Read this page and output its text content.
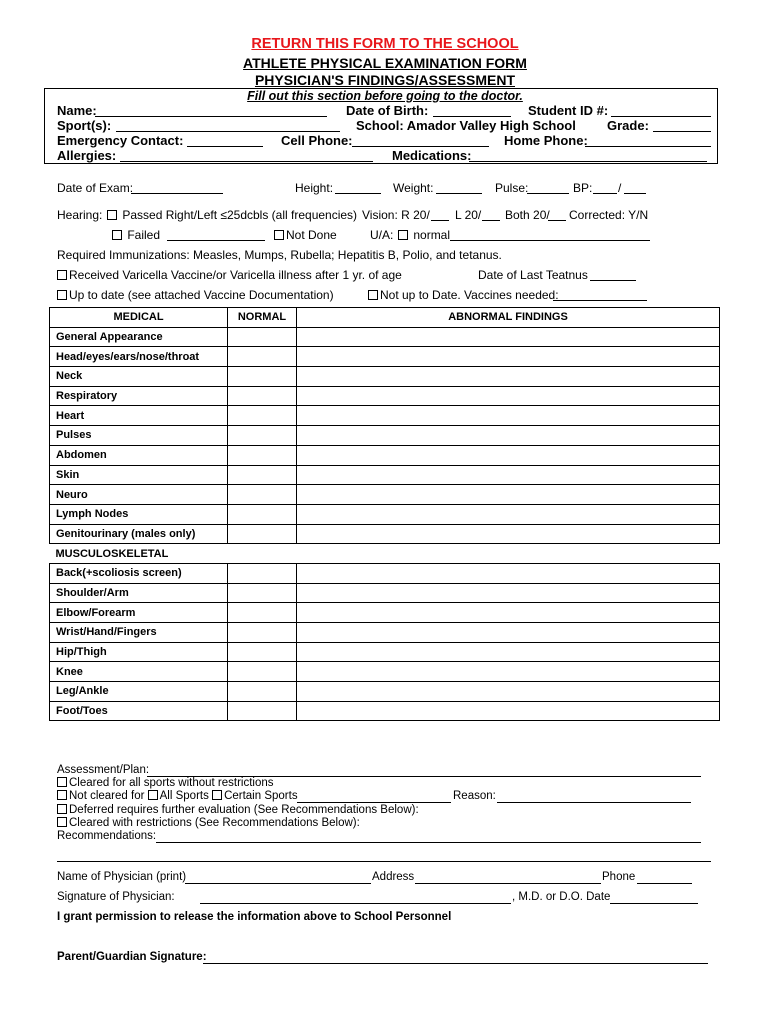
RETURN THIS FORM TO THE SCHOOL
ATHLETE PHYSICAL EXAMINATION FORM
PHYSICIAN'S FINDINGS/ASSESSMENT
Fill out this section before going to the doctor.
Name:	Date of Birth:	Student ID #:
Sport(s):	School: Amador Valley High School Grade:
Emergency Contact:	Cell Phone:	Home Phone:
Allergies:	Medications:
Date of Exam:	Height:	Weight:	Pulse:	BP: /
Hearing:	Passed Right/Left ≤25dcbls (all frequencies) Vision: R 20/ L 20/ Both 20/ Corrected: Y/N
Failed	Not Done	U/A:	normal
Required Immunizations: Measles, Mumps, Rubella; Hepatitis B, Polio, and tetanus.
Received Varicella Vaccine/or Varicella illness after 1 yr. of age	Date of Last Teatnus
Up to date (see attached Vaccine Documentation)	Not up to Date. Vaccines needed:
MEDICAL	NORMAL	ABNORMAL FINDINGS
General Appearance		
Head/eyes/ears/nose/throat		
Neck		
Respiratory		
Heart		
Pulses		
Abdomen		
Skin		
Neuro		
Lymph Nodes		
Genitourinary (males only)		
MUSCULOSKELETAL		
Back(+scoliosis screen)		
Shoulder/Arm		
Elbow/Forearm		
Wrist/Hand/Fingers		
Hip/Thigh		
Knee		
Leg/Ankle		
Foot/Toes		
Assessment/Plan:
Cleared for all sports without restrictions
Not cleared for All Sports Certain Sports	Reason:
Deferred requires further evaluation (See Recommendations Below):
Cleared with restrictions (See Recommendations Below):
Recommendations:
Name of Physician (print)	Address	Phone
Signature of Physician:	, M.D. or D.O. Date
I grant permission to release the information above to School Personnel
Parent/Guardian Signature:
